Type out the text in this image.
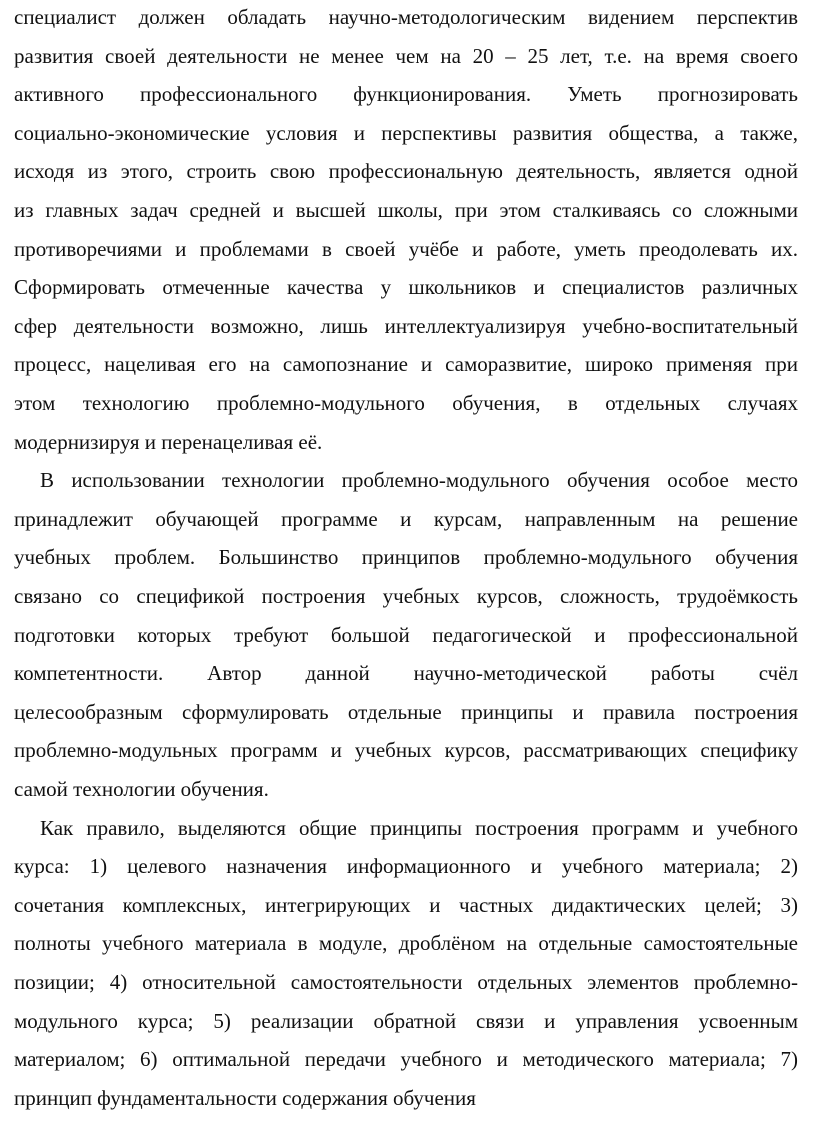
специалист должен обладать научно-методологическим видением перспектив
развития своей деятельности не менее чем на 20 – 25 лет, т.е. на время своего
активного профессионального функционирования. Уметь прогнозировать
социально-экономические условия и перспективы развития общества, а также,
исходя из этого, строить свою профессиональную деятельность, является одной
из главных задач средней и высшей школы, при этом сталкиваясь со сложными
противоречиями и проблемами в своей учёбе и работе, уметь преодолевать их.
Сформировать отмеченные качества у школьников и специалистов различных
сфер деятельности возможно, лишь интеллектуализируя учебно-воспитательный
процесс, нацеливая его на самопознание и саморазвитие, широко применяя при
этом технологию проблемно-модульного обучения, в отдельных случаях
модернизируя и перенацеливая её.
В использовании технологии проблемно-модульного обучения особое место
принадлежит обучающей программе и курсам, направленным на решение
учебных проблем. Большинство принципов проблемно-модульного обучения
связано со спецификой построения учебных курсов, сложность, трудоёмкость
подготовки которых требуют большой педагогической и профессиональной
компетентности. Автор данной научно-методической работы счёл
целесообразным сформулировать отдельные принципы и правила построения
проблемно-модульных программ и учебных курсов, рассматривающих специфику
самой технологии обучения.
Как правило, выделяются общие принципы построения программ и учебного
курса: 1) целевого назначения информационного и учебного материала; 2)
сочетания комплексных, интегрирующих и частных дидактических целей; 3)
полноты учебного материала в модуле, дроблёном на отдельные самостоятельные
позиции; 4) относительной самостоятельности отдельных элементов проблемно-
модульного курса; 5) реализации обратной связи и управления усвоенным
материалом; 6) оптимальной передачи учебного и методического материала; 7)
принцип фундаментальности содержания обучения
